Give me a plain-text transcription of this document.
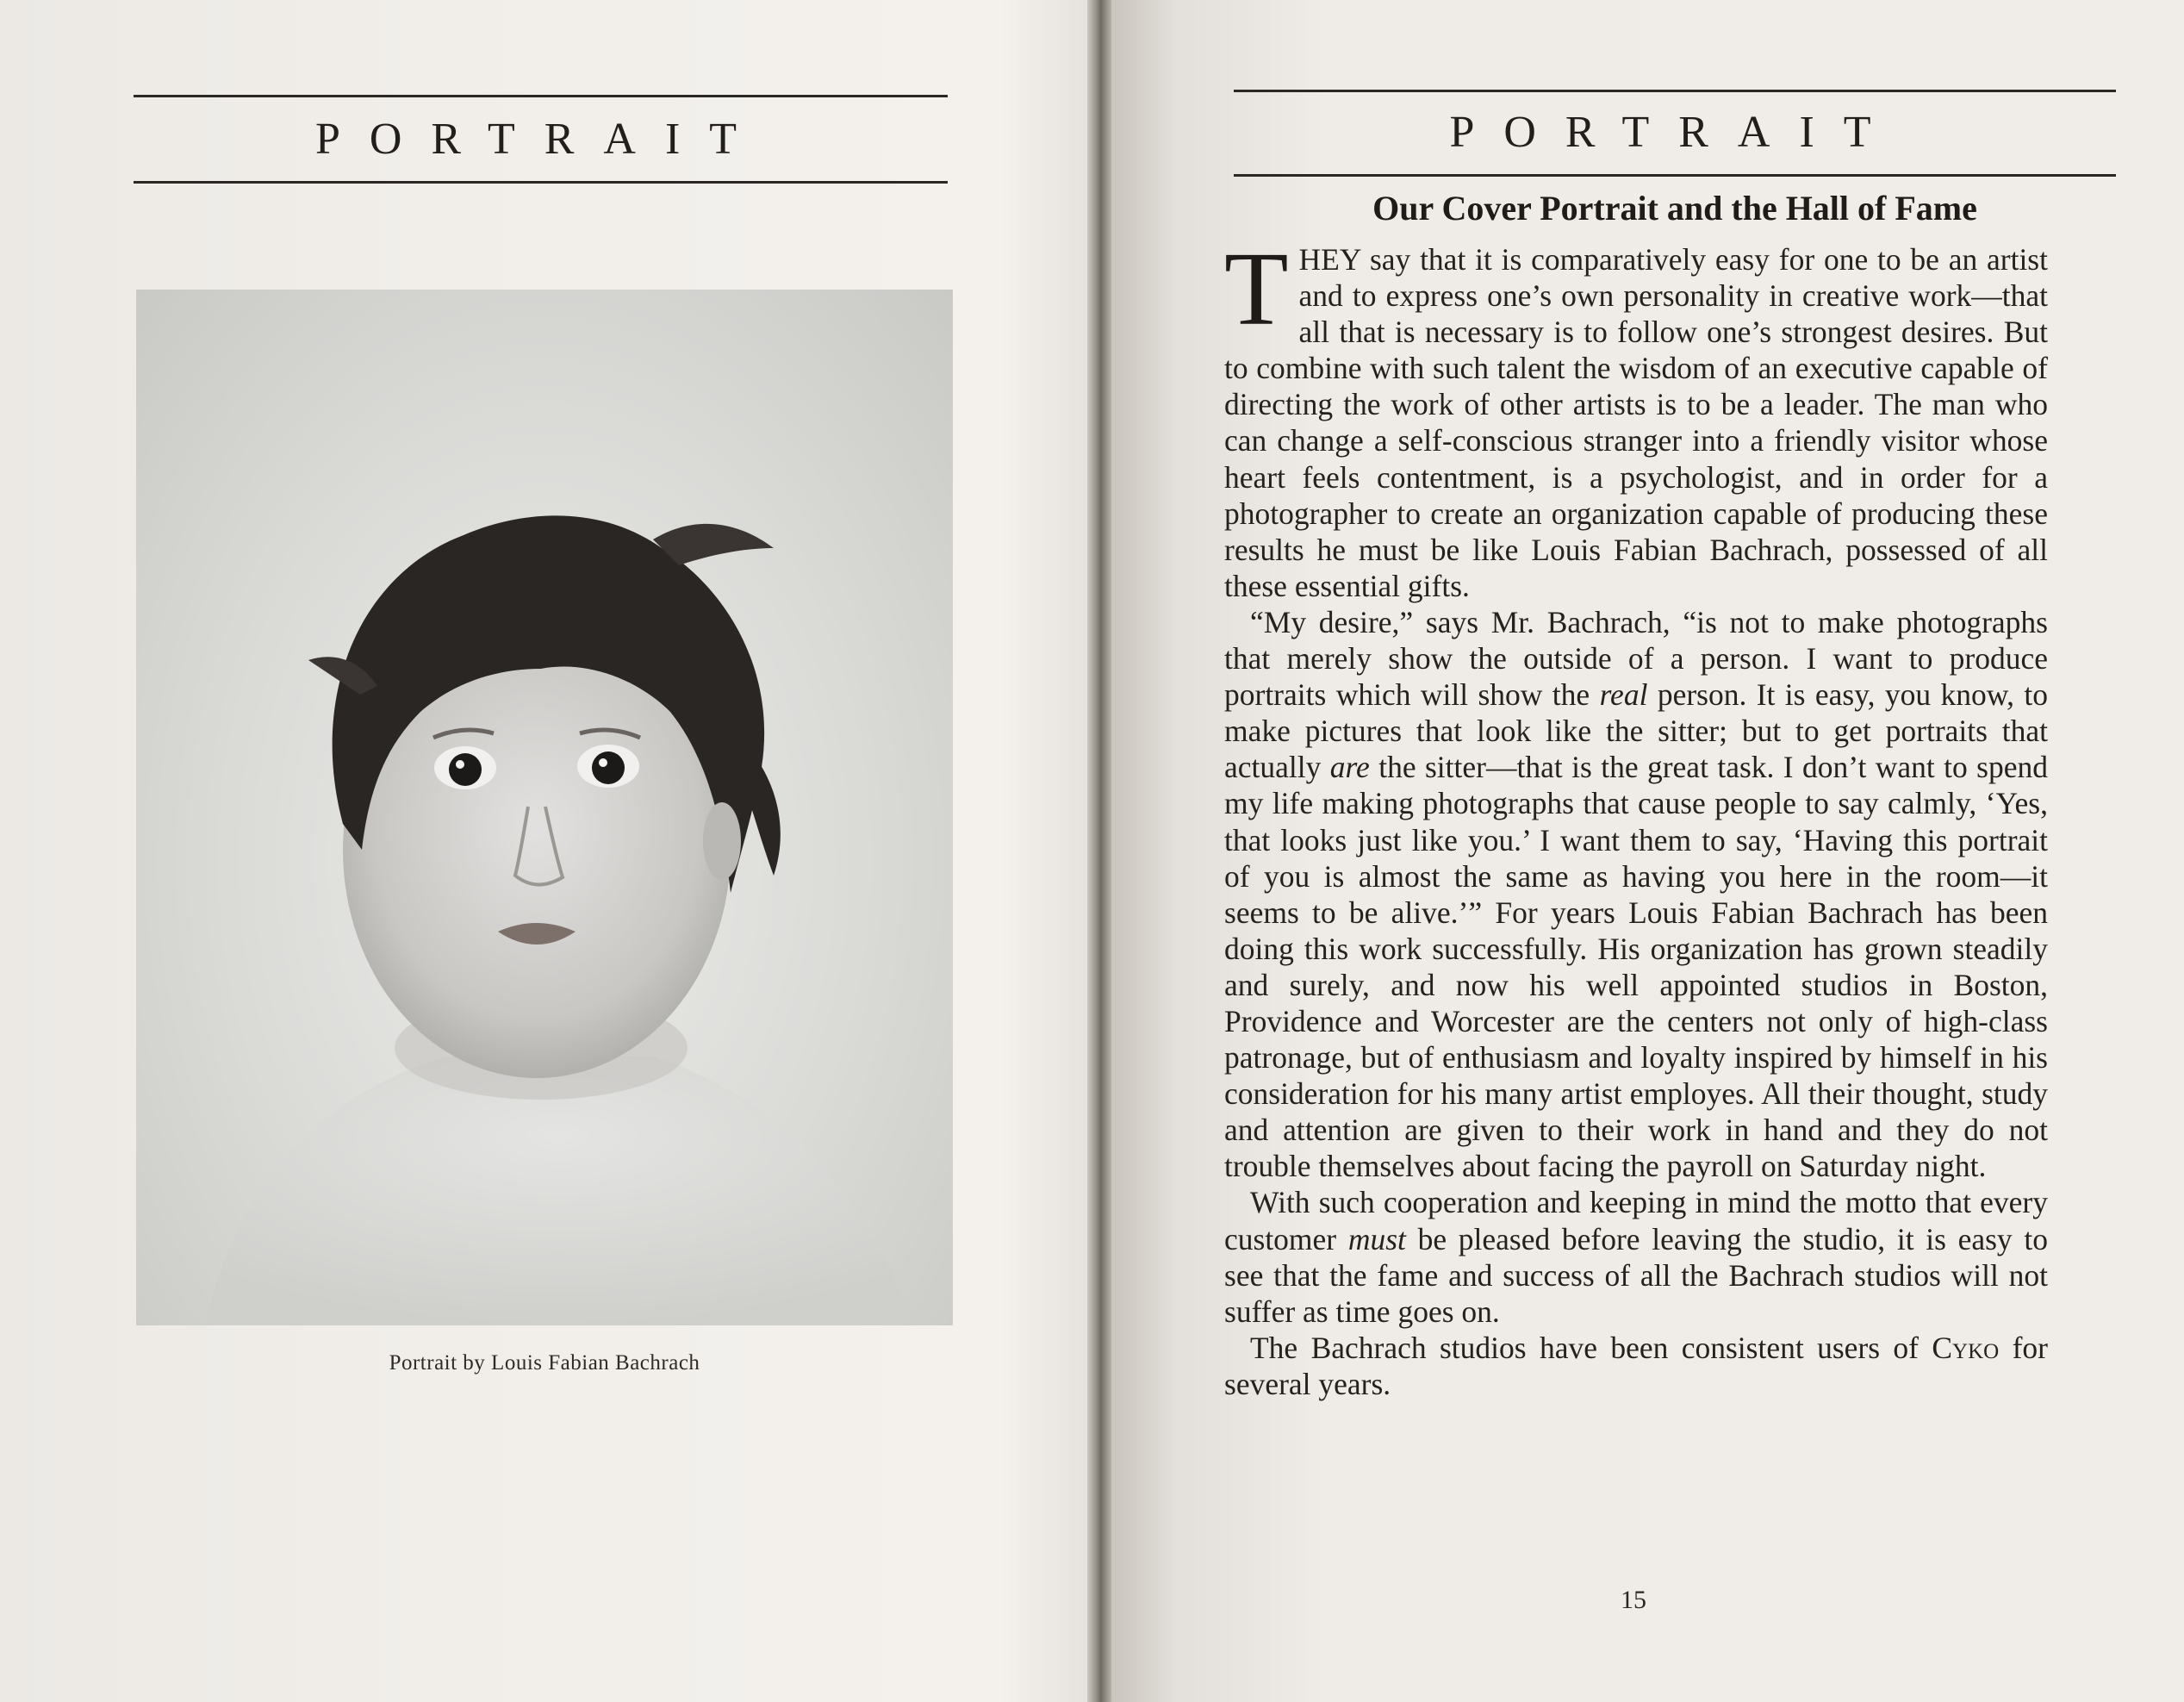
PORTRAIT
Portrait by Louis Fabian Bachrach
PORTRAIT
Our Cover Portrait and the Hall of Fame

THEY say that it is comparatively easy for one to be an artist and to express one’s own personality in creative work—that all that is necessary is to follow one’s strongest desires. But to combine with such talent the wisdom of an executive capable of directing the work of other artists is to be a leader. The man who can change a self-conscious stranger into a friendly visitor whose heart feels contentment, is a psychologist, and in order for a photographer to create an organization capable of producing these results he must be like Louis Fabian Bachrach, possessed of all these essential gifts.

“My desire,” says Mr. Bachrach, “is not to make photographs that merely show the outside of a person. I want to produce portraits which will show the real person. It is easy, you know, to make pictures that look like the sitter; but to get portraits that actually are the sitter—that is the great task. I don’t want to spend my life making photographs that cause people to say calmly, ‘Yes, that looks just like you.’ I want them to say, ‘Having this portrait of you is almost the same as having you here in the room—it seems to be alive.’” For years Louis Fabian Bachrach has been doing this work successfully. His organization has grown steadily and surely, and now his well appointed studios in Boston, Providence and Worcester are the centers not only of high-class patronage, but of enthusiasm and loyalty inspired by himself in his consideration for his many artist employes. All their thought, study and attention are given to their work in hand and they do not trouble themselves about facing the payroll on Saturday night.

With such cooperation and keeping in mind the motto that every customer must be pleased before leaving the studio, it is easy to see that the fame and success of all the Bachrach studios will not suffer as time goes on.

The Bachrach studios have been consistent users of Cyko for several years.

15
